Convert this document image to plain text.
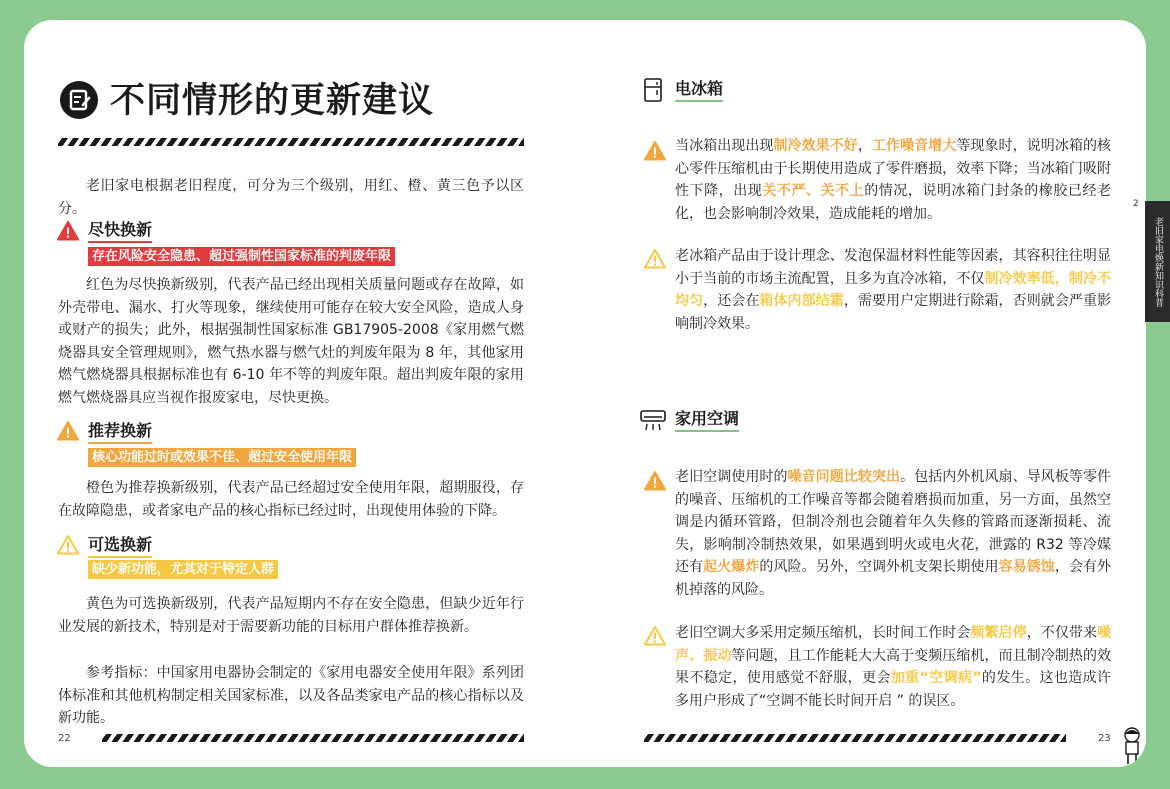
不同情形的更新建议

老旧家电根据老旧程度，可分为三个级别，用红、橙、黄三色予以区分。

尽快换新
存在风险安全隐患、超过强制性国家标准的判废年限

红色为尽快换新级别，代表产品已经出现相关质量问题或存在故障，如外壳带电、漏水、打火等现象，继续使用可能存在较大安全风险，造成人身或财产的损失；此外，根据强制性国家标准 GB17905-2008《家用燃气燃烧器具安全管理规则》，燃气热水器与燃气灶的判废年限为 8 年，其他家用燃气燃烧器具根据标准也有 6-10 年不等的判废年限。超出判废年限的家用燃气燃烧器具应当视作报废家电，尽快更换。

推荐换新
核心功能过时或效果不佳、超过安全使用年限

橙色为推荐换新级别，代表产品已经超过安全使用年限，超期服役，存在故障隐患，或者家电产品的核心指标已经过时，出现使用体验的下降。

可选换新
缺少新功能，尤其对于特定人群

黄色为可选换新级别，代表产品短期内不存在安全隐患，但缺少近年行业发展的新技术，特别是对于需要新功能的目标用户群体推荐换新。

参考指标：中国家用电器协会制定的《家用电器安全使用年限》系列团体标准和其他机构制定相关国家标准，以及各品类家电产品的核心指标以及新功能。

22
电冰箱

当冰箱出现出现制冷效果不好，工作噪音增大等现象时，说明冰箱的核心零件压缩机由于长期使用造成了零件磨损，效率下降；当冰箱门吸附性下降，出现关不严、关不上的情况，说明冰箱门封条的橡胶已经老化，也会影响制冷效果，造成能耗的增加。

老冰箱产品由于设计理念、发泡保温材料性能等因素，其容积往往明显小于当前的市场主流配置，且多为直冷冰箱，不仅制冷效率低，制冷不均匀，还会在箱体内部结霜，需要用户定期进行除霜，否则就会严重影响制冷效果。

家用空调

老旧空调使用时的噪音问题比较突出。包括内外机风扇、导风板等零件的噪音、压缩机的工作噪音等都会随着磨损而加重，另一方面，虽然空调是内循环管路，但制冷剂也会随着年久失修的管路而逐渐损耗、流失，影响制冷制热效果，如果遇到明火或电火花，泄露的 R32 等冷媒还有起火爆炸的风险。另外，空调外机支架长期使用容易锈蚀，会有外机掉落的风险。

老旧空调大多采用定频压缩机，长时间工作时会频繁启停，不仅带来噪声、振动等问题，且工作能耗大大高于变频压缩机，而且制冷制热的效果不稳定，使用感觉不舒服，更会加重“空调病”的发生。这也造成许多用户形成了“空调不能长时间开启 ” 的误区。

23
2
老旧家电焕新知识科普
